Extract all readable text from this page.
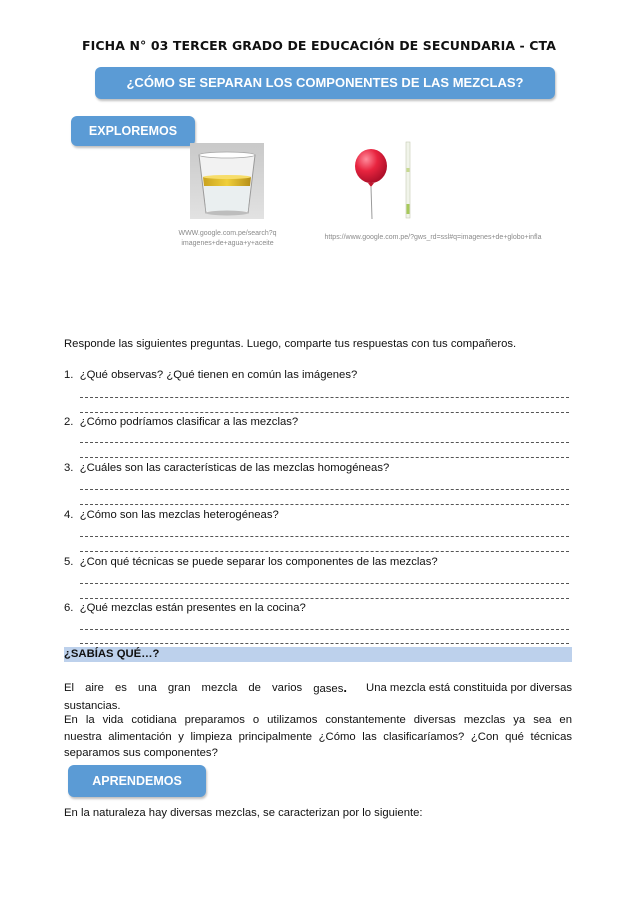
FICHA N° 03 TERCER GRADO DE EDUCACIÓN DE SECUNDARIA - CTA
¿CÓMO SE SEPARAN LOS COMPONENTES DE LAS MEZCLAS?
EXPLOREMOS
WWW.google.com.pe/search?q
imagenes+de+agua+y+aceite
https://www.google.com.pe/?gws_rd=ssl#q=imagenes+de+globo+infla
Responde las siguientes preguntas. Luego, comparte tus respuestas con tus compañeros.
1. ¿Qué observas? ¿Qué tienen en común las imágenes?
2. ¿Cómo podríamos clasificar a las mezclas?
3. ¿Cuáles son las características de las mezclas homogéneas?
4. ¿Cómo son las mezclas heterogéneas?
5. ¿Con qué técnicas se puede separar los componentes de las mezclas?
6. ¿Qué mezclas están presentes en la cocina?
¿SABÍAS QUÉ…?
El aire es una gran mezcla de varios gases. Una mezcla está constituida por diversas
sustancias.
En la vida cotidiana preparamos o utilizamos constantemente diversas mezclas ya sea en
nuestra alimentación y limpieza principalmente ¿Cómo las clasificaríamos? ¿Con qué técnicas
separamos sus componentes?
APRENDEMOS
En la naturaleza hay diversas mezclas, se caracterizan por lo siguiente:
